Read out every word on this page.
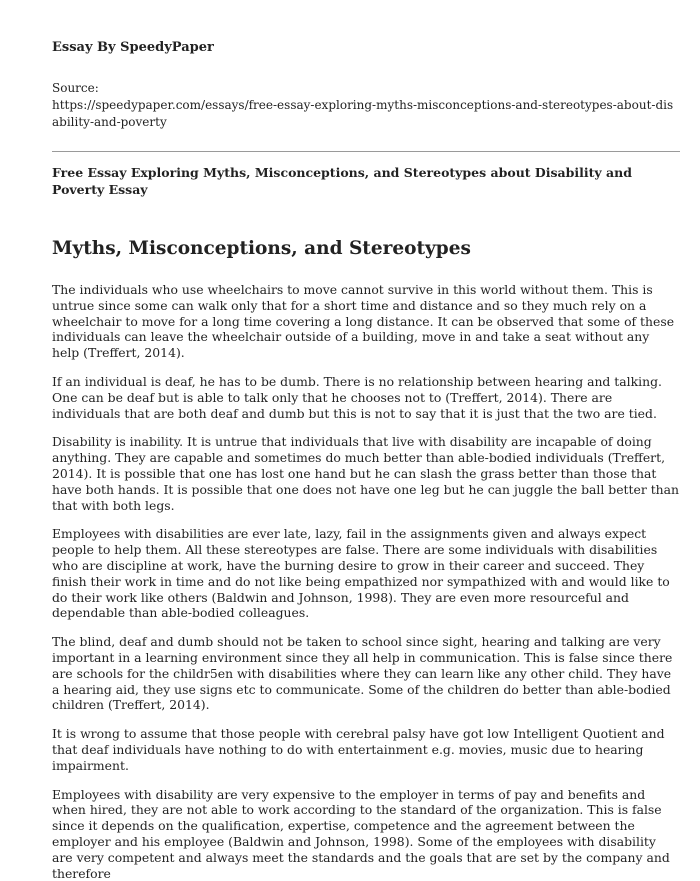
Essay By SpeedyPaper
Source:
https://speedypaper.com/essays/free-essay-exploring-myths-misconceptions-and-stereotypes-about-disability-and-poverty
Free Essay Exploring Myths, Misconceptions, and Stereotypes about Disability and Poverty Essay
Myths, Misconceptions, and Stereotypes

The individuals who use wheelchairs to move cannot survive in this world without them. This is untrue since some can walk only that for a short time and distance and so they much rely on a wheelchair to move for a long time covering a long distance. It can be observed that some of these individuals can leave the wheelchair outside of a building, move in and take a seat without any help (Treffert, 2014).

If an individual is deaf, he has to be dumb. There is no relationship between hearing and talking. One can be deaf but is able to talk only that he chooses not to (Treffert, 2014). There are individuals that are both deaf and dumb but this is not to say that it is just that the two are tied.

Disability is inability. It is untrue that individuals that live with disability are incapable of doing anything. They are capable and sometimes do much better than able-bodied individuals (Treffert, 2014). It is possible that one has lost one hand but he can slash the grass better than those that have both hands. It is possible that one does not have one leg but he can juggle the ball better than that with both legs.

Employees with disabilities are ever late, lazy, fail in the assignments given and always expect people to help them. All these stereotypes are false. There are some individuals with disabilities who are discipline at work, have the burning desire to grow in their career and succeed. They finish their work in time and do not like being empathized nor sympathized with and would like to do their work like others (Baldwin and Johnson, 1998). They are even more resourceful and dependable than able-bodied colleagues.

The blind, deaf and dumb should not be taken to school since sight, hearing and talking are very important in a learning environment since they all help in communication. This is false since there are schools for the childr5en with disabilities where they can learn like any other child. They have a hearing aid, they use signs etc to communicate. Some of the children do better than able-bodied children (Treffert, 2014).

It is wrong to assume that those people with cerebral palsy have got low Intelligent Quotient and that deaf individuals have nothing to do with entertainment e.g. movies, music due to hearing impairment.

Employees with disability are very expensive to the employer in terms of pay and benefits and when hired, they are not able to work according to the standard of the organization. This is false since it depends on the qualification, expertise, competence and the agreement between the employer and his employee (Baldwin and Johnson, 1998). Some of the employees with disability are very competent and always meet the standards and the goals that are set by the company and therefore
